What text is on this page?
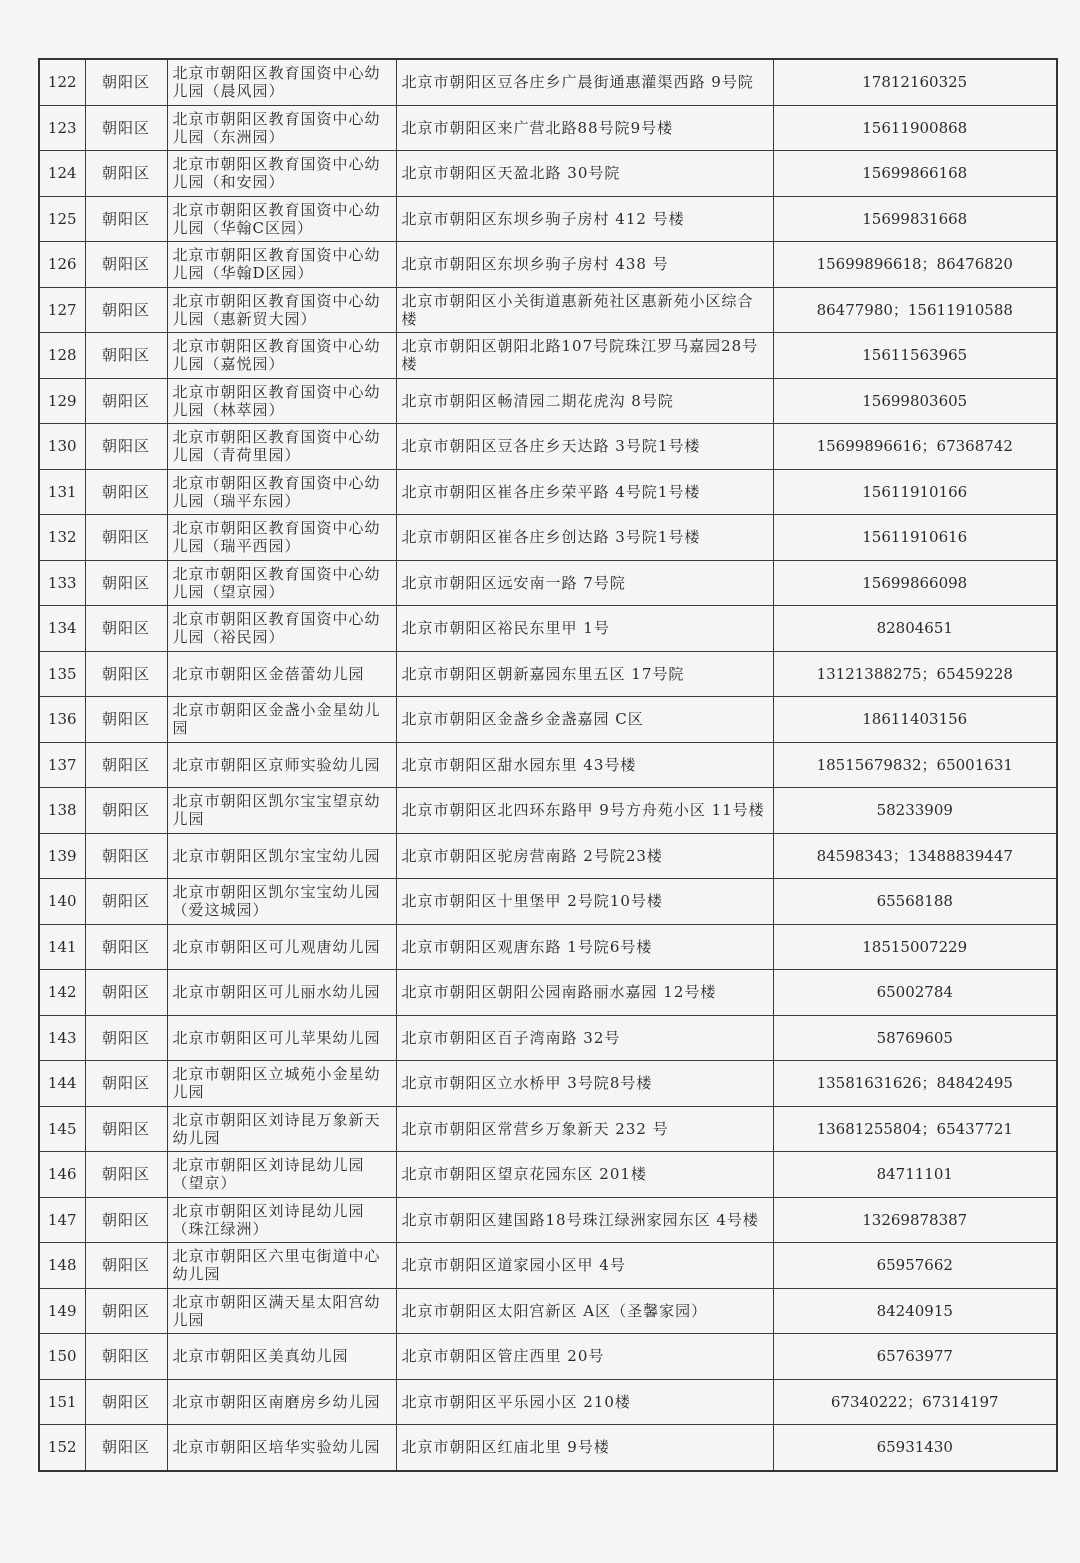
122	朝阳区	北京市朝阳区教育国资中心幼儿园（晨风园）	北京市朝阳区豆各庄乡广晨街通惠灌渠西路 9号院	17812160325
123	朝阳区	北京市朝阳区教育国资中心幼儿园（东洲园）	北京市朝阳区来广营北路88号院9号楼	15611900868
124	朝阳区	北京市朝阳区教育国资中心幼儿园（和安园）	北京市朝阳区天盈北路 30号院	15699866168
125	朝阳区	北京市朝阳区教育国资中心幼儿园（华翰C区园）	北京市朝阳区东坝乡驹子房村 412 号楼	15699831668
126	朝阳区	北京市朝阳区教育国资中心幼儿园（华翰D区园）	北京市朝阳区东坝乡驹子房村 438 号	15699896618；86476820
127	朝阳区	北京市朝阳区教育国资中心幼儿园（惠新贸大园）	北京市朝阳区小关街道惠新苑社区惠新苑小区综合楼	86477980；15611910588
128	朝阳区	北京市朝阳区教育国资中心幼儿园（嘉悦园）	北京市朝阳区朝阳北路107号院珠江罗马嘉园28号楼	15611563965
129	朝阳区	北京市朝阳区教育国资中心幼儿园（林萃园）	北京市朝阳区畅清园二期花虎沟 8号院	15699803605
130	朝阳区	北京市朝阳区教育国资中心幼儿园（青荷里园）	北京市朝阳区豆各庄乡天达路 3号院1号楼	15699896616；67368742
131	朝阳区	北京市朝阳区教育国资中心幼儿园（瑞平东园）	北京市朝阳区崔各庄乡荣平路 4号院1号楼	15611910166
132	朝阳区	北京市朝阳区教育国资中心幼儿园（瑞平西园）	北京市朝阳区崔各庄乡创达路 3号院1号楼	15611910616
133	朝阳区	北京市朝阳区教育国资中心幼儿园（望京园）	北京市朝阳区远安南一路 7号院	15699866098
134	朝阳区	北京市朝阳区教育国资中心幼儿园（裕民园）	北京市朝阳区裕民东里甲 1号	82804651
135	朝阳区	北京市朝阳区金蓓蕾幼儿园	北京市朝阳区朝新嘉园东里五区 17号院	13121388275；65459228
136	朝阳区	北京市朝阳区金盏小金星幼儿园	北京市朝阳区金盏乡金盏嘉园 C区	18611403156
137	朝阳区	北京市朝阳区京师实验幼儿园	北京市朝阳区甜水园东里 43号楼	18515679832；65001631
138	朝阳区	北京市朝阳区凯尔宝宝望京幼儿园	北京市朝阳区北四环东路甲 9号方舟苑小区 11号楼	58233909
139	朝阳区	北京市朝阳区凯尔宝宝幼儿园	北京市朝阳区驼房营南路 2号院23楼	84598343；13488839447
140	朝阳区	北京市朝阳区凯尔宝宝幼儿园（爱这城园）	北京市朝阳区十里堡甲 2号院10号楼	65568188
141	朝阳区	北京市朝阳区可儿观唐幼儿园	北京市朝阳区观唐东路 1号院6号楼	18515007229
142	朝阳区	北京市朝阳区可儿丽水幼儿园	北京市朝阳区朝阳公园南路丽水嘉园 12号楼	65002784
143	朝阳区	北京市朝阳区可儿苹果幼儿园	北京市朝阳区百子湾南路 32号	58769605
144	朝阳区	北京市朝阳区立城苑小金星幼儿园	北京市朝阳区立水桥甲 3号院8号楼	13581631626；84842495
145	朝阳区	北京市朝阳区刘诗昆万象新天幼儿园	北京市朝阳区常营乡万象新天 232 号	13681255804；65437721
146	朝阳区	北京市朝阳区刘诗昆幼儿园（望京）	北京市朝阳区望京花园东区 201楼	84711101
147	朝阳区	北京市朝阳区刘诗昆幼儿园（珠江绿洲）	北京市朝阳区建国路18号珠江绿洲家园东区 4号楼	13269878387
148	朝阳区	北京市朝阳区六里屯街道中心幼儿园	北京市朝阳区道家园小区甲 4号	65957662
149	朝阳区	北京市朝阳区满天星太阳宫幼儿园	北京市朝阳区太阳宫新区 A区（圣馨家园）	84240915
150	朝阳区	北京市朝阳区美真幼儿园	北京市朝阳区管庄西里 20号	65763977
151	朝阳区	北京市朝阳区南磨房乡幼儿园	北京市朝阳区平乐园小区 210楼	67340222；67314197
152	朝阳区	北京市朝阳区培华实验幼儿园	北京市朝阳区红庙北里 9号楼	65931430
